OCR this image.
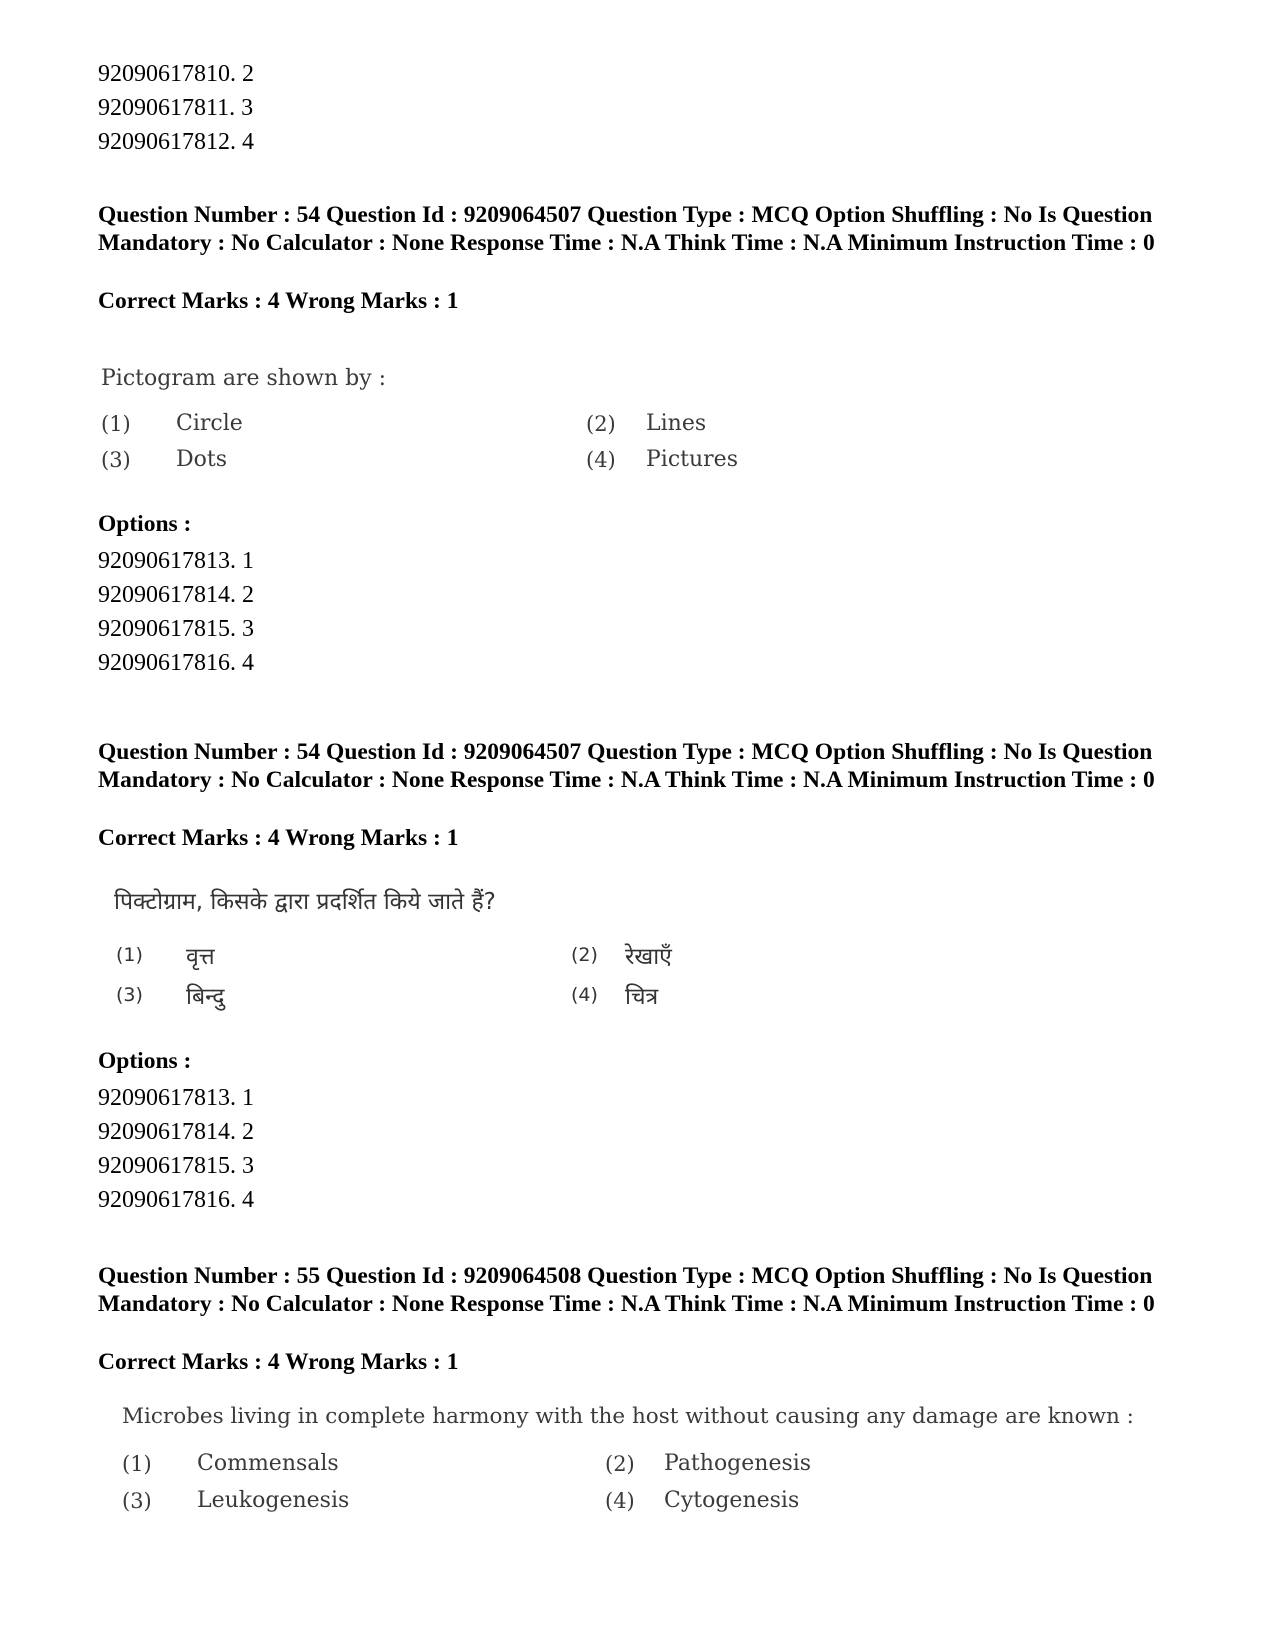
92090617810. 2
92090617811. 3
92090617812. 4
Question Number : 54 Question Id : 9209064507 Question Type : MCQ Option Shuffling : No Is Question Mandatory : No Calculator : None Response Time : N.A Think Time : N.A Minimum Instruction Time : 0
Correct Marks : 4 Wrong Marks : 1
Pictogram are shown by :
(1) Circle	(2) Lines
(3) Dots	(4) Pictures
Options :
92090617813. 1
92090617814. 2
92090617815. 3
92090617816. 4
Question Number : 54 Question Id : 9209064507 Question Type : MCQ Option Shuffling : No Is Question Mandatory : No Calculator : None Response Time : N.A Think Time : N.A Minimum Instruction Time : 0
Correct Marks : 4 Wrong Marks : 1
पिक्टोग्राम, किसके द्वारा प्रदर्शित किये जाते हैं?
(1) वृत्त	(2) रेखाएँ
(3) बिन्दु	(4) चित्र
Options :
92090617813. 1
92090617814. 2
92090617815. 3
92090617816. 4
Question Number : 55 Question Id : 9209064508 Question Type : MCQ Option Shuffling : No Is Question Mandatory : No Calculator : None Response Time : N.A Think Time : N.A Minimum Instruction Time : 0
Correct Marks : 4 Wrong Marks : 1
Microbes living in complete harmony with the host without causing any damage are known :
(1) Commensals	(2) Pathogenesis
(3) Leukogenesis	(4) Cytogenesis
